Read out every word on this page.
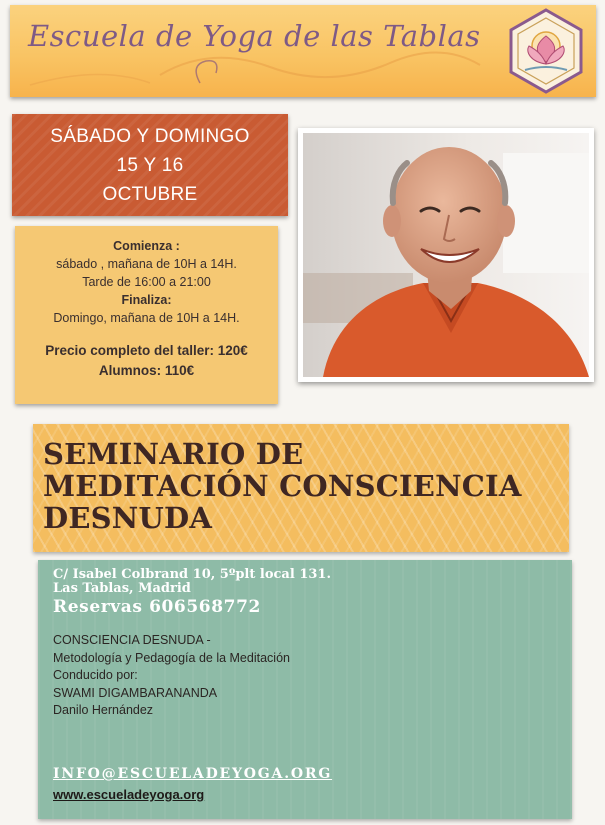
Escuela de Yoga de las Tablas
SÁBADO Y DOMINGO
15 Y 16
OCTUBRE
Comienza :
sábado , mañana de 10H a 14H.
Tarde de 16:00 a 21:00
Finaliza:
Domingo, mañana de 10H a 14H.
Precio completo del taller: 120€
Alumnos: 110€
SEMINARIO DE
MEDITACIÓN CONSCIENCIA
DESNUDA
C/ Isabel Colbrand 10, 5ºplt local 131.
Las Tablas, Madrid
Reservas 606568772
CONSCIENCIA DESNUDA -
Metodología y Pedagogía de la Meditación
Conducido por:
SWAMI DIGAMBARANANDA
Danilo Hernández
INFO@ESCUELADEYOGA.ORG
www.escueladeyoga.org
